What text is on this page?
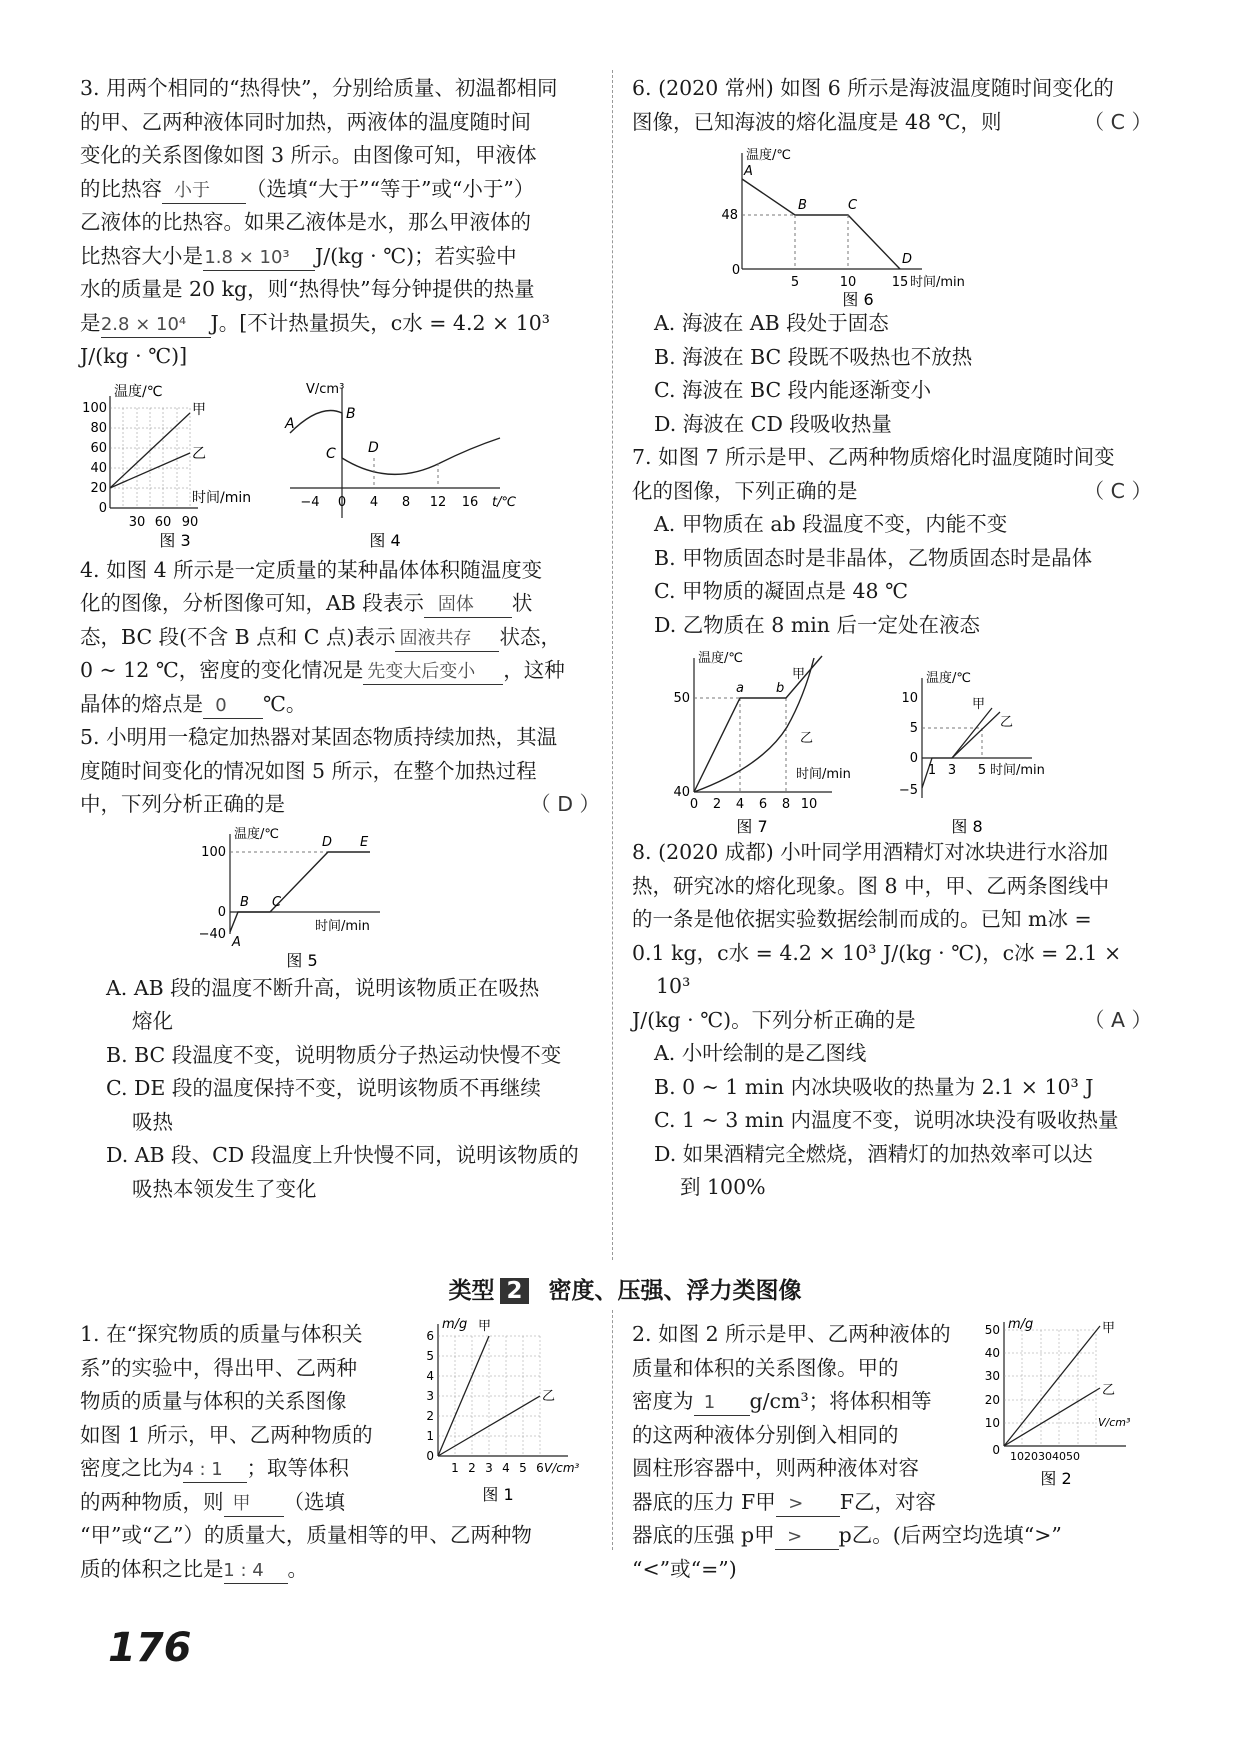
3. 用两个相同的“热得快”，分别给质量、初温都相同

的甲、乙两种液体同时加热，两液体的温度随时间

变化的关系图像如图 3 所示。由图像可知，甲液体

的比热容 小于 （选填“大于”“等于”或“小于”）

乙液体的比热容。如果乙液体是水，那么甲液体的

比热容大小是1.8 × 10³ J/(kg · ℃)；若实验中

水的质量是 20 kg，则“热得快”每分钟提供的热量

是2.8 × 10⁴ J。[不计热量损失，c水 = 4.2 × 10³

J/(kg · ℃)]

温度/℃
甲
乙
时间/min
100
80
60
40
20
0
30 60 90
图 3
V/cm³
A
B
C D
−4 0 4 8 12 16 t/℃
图 4

4. 如图 4 所示是一定质量的某种晶体体积随温度变

化的图像，分析图像可知，AB 段表示 固体 状

态，BC 段(不含 B 点和 C 点)表示 固液共存 状态，

0 ~ 12 ℃，密度的变化情况是 先变大后变小 ，这种

晶体的熔点是 0 ℃。

5. 小明用一稳定加热器对某固态物质持续加热，其温

度随时间变化的情况如图 5 所示，在整个加热过程

中，下列分析正确的是	（ D ）

温度/℃
100
0
−40
A
B C
D E
时间/min
图 5

A. AB 段的温度不断升高，说明该物质正在吸热

熔化

B. BC 段温度不变，说明物质分子热运动快慢不变

C. DE 段的温度保持不变，说明该物质不再继续

吸热

D. AB 段、CD 段温度上升快慢不同，说明该物质的

吸热本领发生了变化

6. (2020 常州) 如图 6 所示是海波温度随时间变化的

图像，已知海波的熔化温度是 48 ℃，则	（ C ）

温度/℃
A
B	C
D
48
0
5	10	15 时间/min
图 6

A. 海波在 AB 段处于固态

B. 海波在 BC 段既不吸热也不放热

C. 海波在 BC 段内能逐渐变小

D. 海波在 CD 段吸收热量

7. 如图 7 所示是甲、乙两种物质熔化时温度随时间变

化的图像，下列正确的是	（ C ）

A. 甲物质在 ab 段温度不变，内能不变

B. 甲物质固态时是非晶体，乙物质固态时是晶体

C. 甲物质的凝固点是 48 ℃

D. 乙物质在 8 min 后一定处在液态

温度/℃
50
40
a b
甲
乙
时间/min
0 2 4 6 8 10
图 7
温度/℃
10
5
0
−5
1 3 5
甲
乙
时间/min
图 8

8. (2020 成都) 小叶同学用酒精灯对冰块进行水浴加

热，研究冰的熔化现象。图 8 中，甲、乙两条图线中

的一条是他依据实验数据绘制而成的。已知 m冰 =

0.1 kg，c水 = 4.2 × 10³ J/(kg · ℃)，c冰 = 2.1 × 10³

J/(kg · ℃)。下列分析正确的是	（ A ）

A. 小叶绘制的是乙图线

B. 0 ~ 1 min 内冰块吸收的热量为 2.1 × 10³ J

C. 1 ~ 3 min 内温度不变，说明冰块没有吸收热量

D. 如果酒精完全燃烧，酒精灯的加热效率可以达

到 100%

类型 2 密度、压强、浮力类图像

1. 在“探究物质的质量与体积关

系”的实验中，得出甲、乙两种

物质的质量与体积的关系图像

如图 1 所示，甲、乙两种物质的

密度之比为4 : 1 ；取等体积

的两种物质，则 甲 （选填

“甲”或“乙”）的质量大，质量相等的甲、乙两种物

质的体积之比是1 : 4 。

m/g 甲
乙
V/cm³
6
5
4
3
2
1
0
1 2 3 4 5 6
图 1

2. 如图 2 所示是甲、乙两种液体的

质量和体积的关系图像。甲的

密度为 1 g/cm³；将体积相等

的这两种液体分别倒入相同的

圆柱形容器中，则两种液体对容

器底的压力 F甲 > F乙，对容

器底的压强 p甲 > p乙。(后两空均选填“>”

“<”或“=”)

m/g	甲
乙
V/cm³
50
40
30
20
10
0 1020304050
图 2
176
